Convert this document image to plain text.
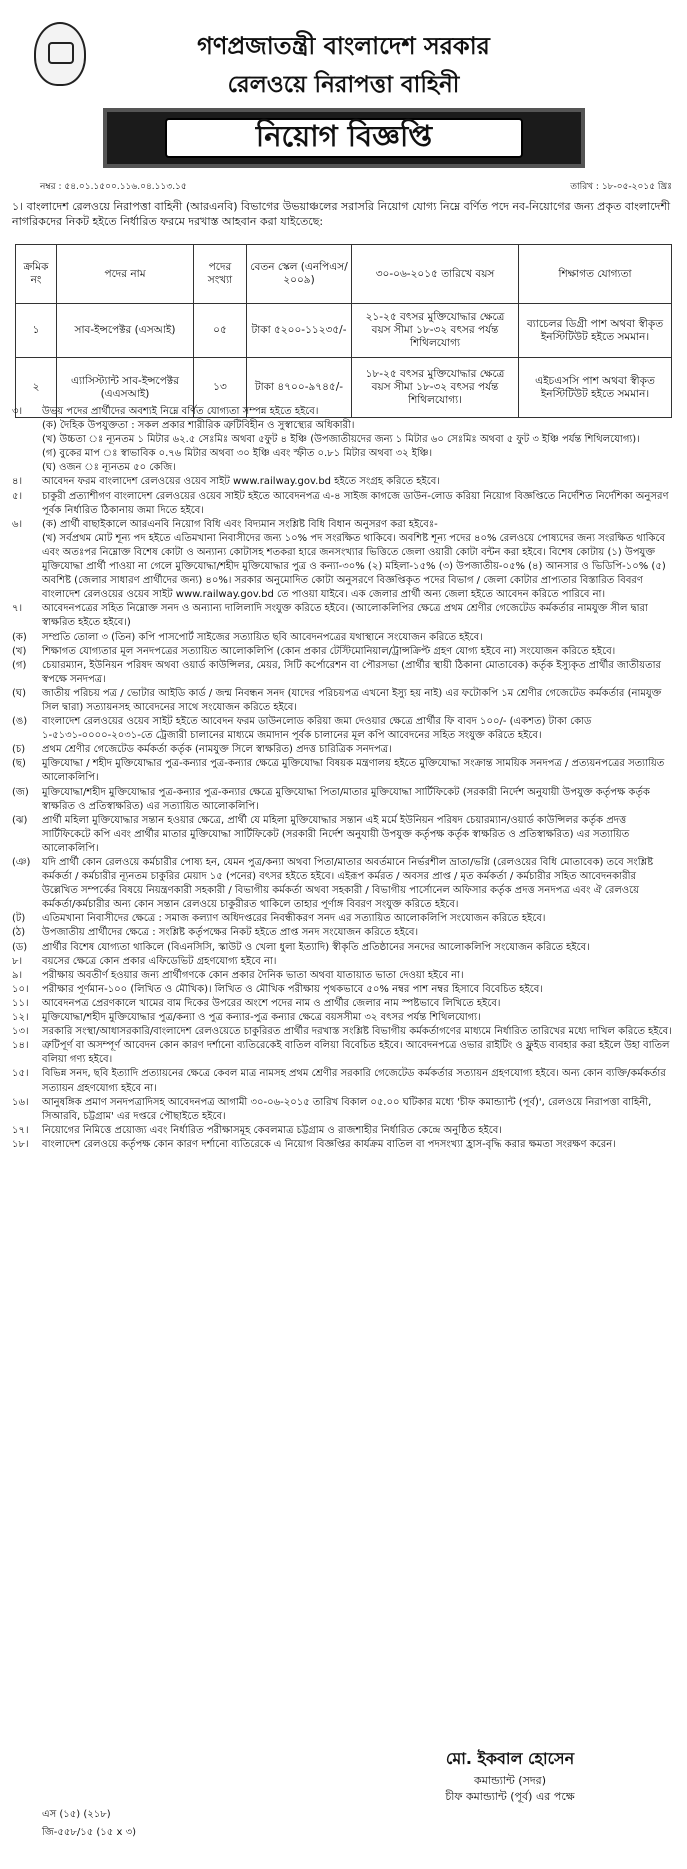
গণপ্রজাতন্ত্রী বাংলাদেশ সরকার
রেলওয়ে নিরাপত্তা বাহিনী
নিয়োগ বিজ্ঞপ্তি
নম্বর : ৫৪.০১.১৫০০.১১৬.০৪.১১৩.১৫	তারিখ : ১৮-০৫-২০১৫ খ্রিঃ
১। বাংলাদেশ রেলওয়ে নিরাপত্তা বাহিনী (আরএনবি) বিভাগের উভয়াঞ্চলের সরাসরি নিয়োগ যোগ্য নিম্নে বর্ণিত পদে নব-নিয়োগের জন্য প্রকৃত বাংলাদেশী নাগরিকদের নিকট হইতে নির্ধারিত ফরমে দরখাস্ত আহবান করা যাইতেছে:
ক্রমিক নং	পদের নাম	পদের সংখ্যা	বেতন স্কেল (এনপিএস/২০০৯)	৩০-০৬-২০১৫ তারিখে বয়স	শিক্ষাগত যোগ্যতা
১	সাব-ইন্সপেক্টর (এসআই)	০৫	টাকা ৫২০০-১১২৩৫/-	২১-২৫ বৎসর মুক্তিযোদ্ধার ক্ষেত্রে বয়স সীমা ১৮-৩২ বৎসর পর্যন্ত শিথিলযোগ্য	ব্যাচেলর ডিগ্রী পাশ অথবা স্বীকৃত ইনস্টিটিউট হইতে সমমান।
২	এ্যাসিস্ট্যান্ট সাব-ইন্সপেক্টর (এএসআই)	১৩	টাকা ৪৭০০-৯৭৪৫/-	১৮-২৫ বৎসর মুক্তিযোদ্ধার ক্ষেত্রে বয়স সীমা ১৮-৩২ বৎসর পর্যন্ত শিথিলযোগ্য।	এইচএসসি পাশ অথবা স্বীকৃত ইনস্টিটিউট হইতে সমমান।
৩।	উভয় পদের প্রার্থীদের অবশ্যই নিম্নে বর্ণিত যোগ্যতা সম্পন্ন হইতে হইবে।
(ক) দৈহিক উপযুক্ততা : সকল প্রকার শারীরিক ত্রুটিবিহীন ও সুস্বাস্থ্যের অধিকারী।
(খ) উচ্চতা ঃ ন্যূনতম ১ মিটার ৬২.৫ সেঃমিঃ অথবা ৫ফুট ৪ ইঞ্চি (উপজাতীয়দের জন্য ১ মিটার ৬০ সেঃমিঃ অথবা ৫ ফুট ৩ ইঞ্চি পর্যন্ত শিথিলযোগ্য)।
(গ) বুকের মাপ ঃ স্বাভাবিক ০.৭৬ মিটার অথবা ৩০ ইঞ্চি এবং স্ফীত ০.৮১ মিটার অথবা ৩২ ইঞ্চি।
(ঘ) ওজন ঃ ন্যূনতম ৫০ কেজি।
৪।	আবেদন ফরম বাংলাদেশ রেলওয়ের ওয়েব সাইট www.railway.gov.bd হইতে সংগ্রহ করিতে হইবে।
৫।	চাকুরী প্রত্যাশীগণ বাংলাদেশ রেলওয়ের ওয়েব সাইট হইতে আবেদনপত্র এ-৪ সাইজ কাগজে ডাউন-লোড করিয়া নিয়োগ বিজ্ঞপ্তিতে নির্দেশিত নির্দেশিকা অনুসরণ পূর্বক নির্ধারিত ঠিকানায় জমা দিতে হইবে।
৬।	(ক) প্রার্থী বাছাইকালে আরএনবি নিয়োগ বিধি এবং বিদ্যমান সংশ্লিষ্ট বিধি বিধান অনুসরণ করা হইবেঃ-
(খ) সর্বপ্রথম মোট শূন্য পদ হইতে এতিমখানা নিবাসীদের জন্য ১০% পদ সংরক্ষিত থাকিবে। অবশিষ্ট শূন্য পদের ৪০% রেলওয়ে পোষ্যদের জন্য সংরক্ষিত থাকিবে এবং অতঃপর নিম্নোক্ত বিশেষ কোটা ও অন্যান্য কোটাসহ শতকরা হারে জনসংখ্যার ভিত্তিতে জেলা ওয়ারী কোটা বন্টন করা হইবে। বিশেষ কোটায় (১) উপযুক্ত মুক্তিযোদ্ধা প্রার্থী পাওয়া না গেলে মুক্তিযোদ্ধা/শহীদ মুক্তিযোদ্ধার পুত্র ও কন্যা-৩০% (২) মহিলা-১৫% (৩) উপজাতীয়-০৫% (৪) আনসার ও ভিডিপি-১০% (৫) অবশিষ্ট (জেলার সাধারণ প্রার্থীদের জন্য) ৪০%। সরকার অনুমোদিত কোটা অনুসরণে বিজ্ঞপ্তিকৃত পদের বিভাগ / জেলা কোটার প্রাপ্যতার বিস্তারিত বিবরণ বাংলাদেশ রেলওয়ের ওয়েব সাইট www.railway.gov.bd তে পাওয়া যাইবে। এক জেলার প্রার্থী অন্য জেলা হইতে আবেদন করিতে পারিবে না।
৭।	আবেদনপত্রের সহিত নিম্নোক্ত সনদ ও অন্যান্য দালিলাদি সংযুক্ত করিতে হইবে। (আলোকলিপির ক্ষেত্রে প্রথম শ্রেণীর গেজেটেড কর্মকর্তার নামযুক্ত সীল দ্বারা স্বাক্ষরিত হইতে হইবে।)
(ক)	সম্প্রতি তোলা ৩ (তিন) কপি পাসপোর্ট সাইজের সত্যায়িত ছবি আবেদনপত্রের যথাস্থানে সংযোজন করিতে হইবে।
(খ)	শিক্ষাগত যোগ্যতার মূল সনদপত্রের সত্যায়িত আলোকলিপি (কোন প্রকার টেস্টিমোনিয়াল/ট্রান্সক্রিপ্ট গ্রহণ যোগ্য হইবে না) সংযোজন করিতে হইবে।
(গ)	চেয়ারম্যান, ইউনিয়ন পরিষদ অথবা ওয়ার্ড কাউন্সিলর, মেয়র, সিটি কর্পোরেশন বা পৌরসভা (প্রার্থীর স্থায়ী ঠিকানা মোতাবেক) কর্তৃক ইস্যুকৃত প্রার্থীর জাতীয়তার স্বপক্ষে সনদপত্র।
(ঘ)	জাতীয় পরিচয় পত্র / ভোটার আইডি কার্ড / জন্ম নিবন্ধন সনদ (যাদের পরিচয়পত্র এখনো ইস্যু হয় নাই) এর ফটোকপি ১ম শ্রেণীর গেজেটেড কর্মকর্তার (নামযুক্ত সিল দ্বারা) সত্যায়নসহ আবেদনের সাথে সংযোজন করিতে হইবে।
(ঙ)	বাংলাদেশ রেলওয়ের ওয়েব সাইট হইতে আবেদন ফরম ডাউনলোড করিয়া জমা দেওয়ার ক্ষেত্রে প্রার্থীর ফি বাবদ ১০০/- (একশত) টাকা কোড ১-৫১৩১-০০০০-২০৩১-তে ট্রেজারী চালানের মাধ্যমে জমাদান পূর্বক চালানের মূল কপি আবেদনের সহিত সংযুক্ত করিতে হইবে।
(চ)	প্রথম শ্রেণীর গেজেটেড কর্মকর্তা কর্তৃক (নামযুক্ত সিলে স্বাক্ষরিত) প্রদত্ত চারিত্রিক সনদপত্র।
(ছ)	মুক্তিযোদ্ধা / শহীদ মুক্তিযোদ্ধার পুত্র-কন্যার পুত্র-কন্যার ক্ষেত্রে মুক্তিযোদ্ধা বিষয়ক মন্ত্রণালয় হইতে মুক্তিযোদ্ধা সংক্রান্ত সাময়িক সনদপত্র / প্রত্যয়নপত্রের সত্যায়িত আলোকলিপি।
(জ)	মুক্তিযোদ্ধা/শহীদ মুক্তিযোদ্ধার পুত্র-কন্যার পুত্র-কন্যার ক্ষেত্রে মুক্তিযোদ্ধা পিতা/মাতার মুক্তিযোদ্ধা সার্টিফিকেট (সরকারী নির্দেশ অনুযায়ী উপযুক্ত কর্তৃপক্ষ কর্তৃক স্বাক্ষরিত ও প্রতিস্বাক্ষরিত) এর সত্যায়িত আলোকলিপি।
(ঝ)	প্রার্থী মহিলা মুক্তিযোদ্ধার সন্তান হওয়ার ক্ষেত্রে, প্রার্থী যে মহিলা মুক্তিযোদ্ধার সন্তান এই মর্মে ইউনিয়ন পরিষদ চেয়ারম্যান/ওয়ার্ড কাউন্সিলর কর্তৃক প্রদত্ত সার্টিফিকেটে কপি এবং প্রার্থীর মাতার মুক্তিযোদ্ধা সার্টিফিকেট (সরকারী নির্দেশ অনুযায়ী উপযুক্ত কর্তৃপক্ষ কর্তৃক স্বাক্ষরিত ও প্রতিস্বাক্ষরিত) এর সত্যায়িত আলোকলিপি।
(ঞ)	যদি প্রার্থী কোন রেলওয়ে কর্মচারীর পোষ্য হন, যেমন পুত্র/কন্যা অথবা পিতা/মাতার অবর্তমানে নির্ভরশীল ভ্রাতা/ভগ্নি (রেলওয়ের বিধি মোতাবেক) তবে সংশ্লিষ্ট কর্মকর্তা / কর্মচারীর ন্যূনতম চাকুরির মেয়াদ ১৫ (পনের) বৎসর হইতে হইবে। এইরূপ কর্মরত / অবসর প্রাপ্ত / মৃত কর্মকর্তা / কর্মচারীর সহিত আবেদনকারীর উল্লেখিত সম্পর্কের বিষয়ে নিয়ন্ত্রণকারী সহকারী / বিভাগীয় কর্মকর্তা অথবা সহকারী / বিভাগীয় পার্সোনেল অফিসার কর্তৃক প্রদত্ত সনদপত্র এবং ঐ রেলওয়ে কর্মকর্তা/কর্মচারীর অন্য কোন সন্তান রেলওয়ে চাকুরীরত থাকিলে তাহার পূর্ণাঙ্গ বিবরণ সংযুক্ত করিতে হইবে।
(ট)	এতিমখানা নিবাসীদের ক্ষেত্রে : সমাজ কল্যাণ অধিদপ্তরের নিবন্ধীকরণ সনদ এর সত্যায়িত আলোকলিপি সংযোজন করিতে হইবে।
(ঠ)	উপজাতীয় প্রার্থীদের ক্ষেত্রে : সংশ্লিষ্ট কর্তৃপক্ষের নিকট হইতে প্রাপ্ত সনদ সংযোজন করিতে হইবে।
(ড)	প্রার্থীর বিশেষ যোগ্যতা থাকিলে (বিএনসিসি, স্কাউট ও খেলা ধুলা ইত্যাদি) স্বীকৃতি প্রতিষ্ঠানের সনদের আলোকলিপি সংযোজন করিতে হইবে।
৮।	বয়সের ক্ষেত্রে কোন প্রকার এফিডেভিট গ্রহণযোগ্য হইবে না।
৯।	পরীক্ষায় অবতীর্ণ হওয়ার জন্য প্রার্থীগণকে কোন প্রকার দৈনিক ভাতা অথবা যাতায়াত ভাতা দেওয়া হইবে না।
১০।	পরীক্ষার পূর্ণমান-১০০ (লিখিত ও মৌখিক)। লিখিত ও মৌখিক পরীক্ষায় পৃথকভাবে ৫০% নম্বর পাশ নম্বর হিসাবে বিবেচিত হইবে।
১১।	আবেদনপত্র প্রেরণকালে খামের বাম দিকের উপরের অংশে পদের নাম ও প্রার্থীর জেলার নাম স্পষ্টভাবে লিখিতে হইবে।
১২।	মুক্তিযোদ্ধা/শহীদ মুক্তিযোদ্ধার পুত্র/কন্যা ও পুত্র কন্যার-পুত্র কন্যার ক্ষেত্রে বয়সসীমা ৩২ বৎসর পর্যন্ত শিথিলযোগ্য।
১৩।	সরকারি সংস্থা/আধাসরকারি/বাংলাদেশ রেলওয়েতে চাকুরিরত প্রার্থীর দরখাস্ত সংশ্লিষ্ট বিভাগীয় কর্মকর্তাগণের মাধ্যমে নির্ধারিত তারিখের মধ্যে দাখিল করিতে হইবে।
১৪।	ত্রুটিপূর্ণ বা অসম্পূর্ণ আবেদন কোন কারণ দর্শানো ব্যতিরেকেই বাতিল বলিয়া বিবেচিত হইবে। আবেদনপত্রে ওভার রাইটিং ও ফ্লুইড ব্যবহার করা হইলে উহা বাতিল বলিয়া গণ্য হইবে।
১৫।	বিভিন্ন সনদ, ছবি ইত্যাদি প্রত্যায়নের ক্ষেত্রে কেবল মাত্র নামসহ প্রথম শ্রেণীর সরকারি গেজেটেড কর্মকর্তার সত্যায়ন গ্রহণযোগ্য হইবে। অন্য কোন ব্যক্তি/কর্মকর্তার সত্যায়ন গ্রহণযোগ্য হইবে না।
১৬।	আনুষঙ্গিক প্রমাণ সনদপত্রাদিসহ আবেদনপত্র আগামী ৩০-০৬-২০১৫ তারিখ বিকাল ০৫.০০ ঘটিকার মধ্যে 'চীফ কমান্ড্যান্ট (পূর্ব)', রেলওয়ে নিরাপত্তা বাহিনী, সিআরবি, চট্টগ্রাম' এর দপ্তরে পৌছাইতে হইবে।
১৭।	নিয়োগের নিমিত্তে প্রয়োজ্য এবং নির্ধারিত পরীক্ষাসমূহ কেবলমাত্র চট্টগ্রাম ও রাজশাহীর নির্ধারিত কেন্দ্রে অনুষ্ঠিত হইবে।
১৮।	বাংলাদেশ রেলওয়ে কর্তৃপক্ষ কোন কারণ দর্শানো ব্যতিরেকে এ নিয়োগ বিজ্ঞপ্তির কার্যক্রম বাতিল বা পদসংখ্যা হ্রাস-বৃদ্ধি করার ক্ষমতা সংরক্ষণ করেন।
মো. ইকবাল হোসেন
কমান্ড্যান্ট (সদর)
চীফ কমান্ড্যান্ট (পূর্ব) এর পক্ষে
এস (১৫) (২১৮)
জি-৫৫৮/১৫ (১৫ x ৩)
